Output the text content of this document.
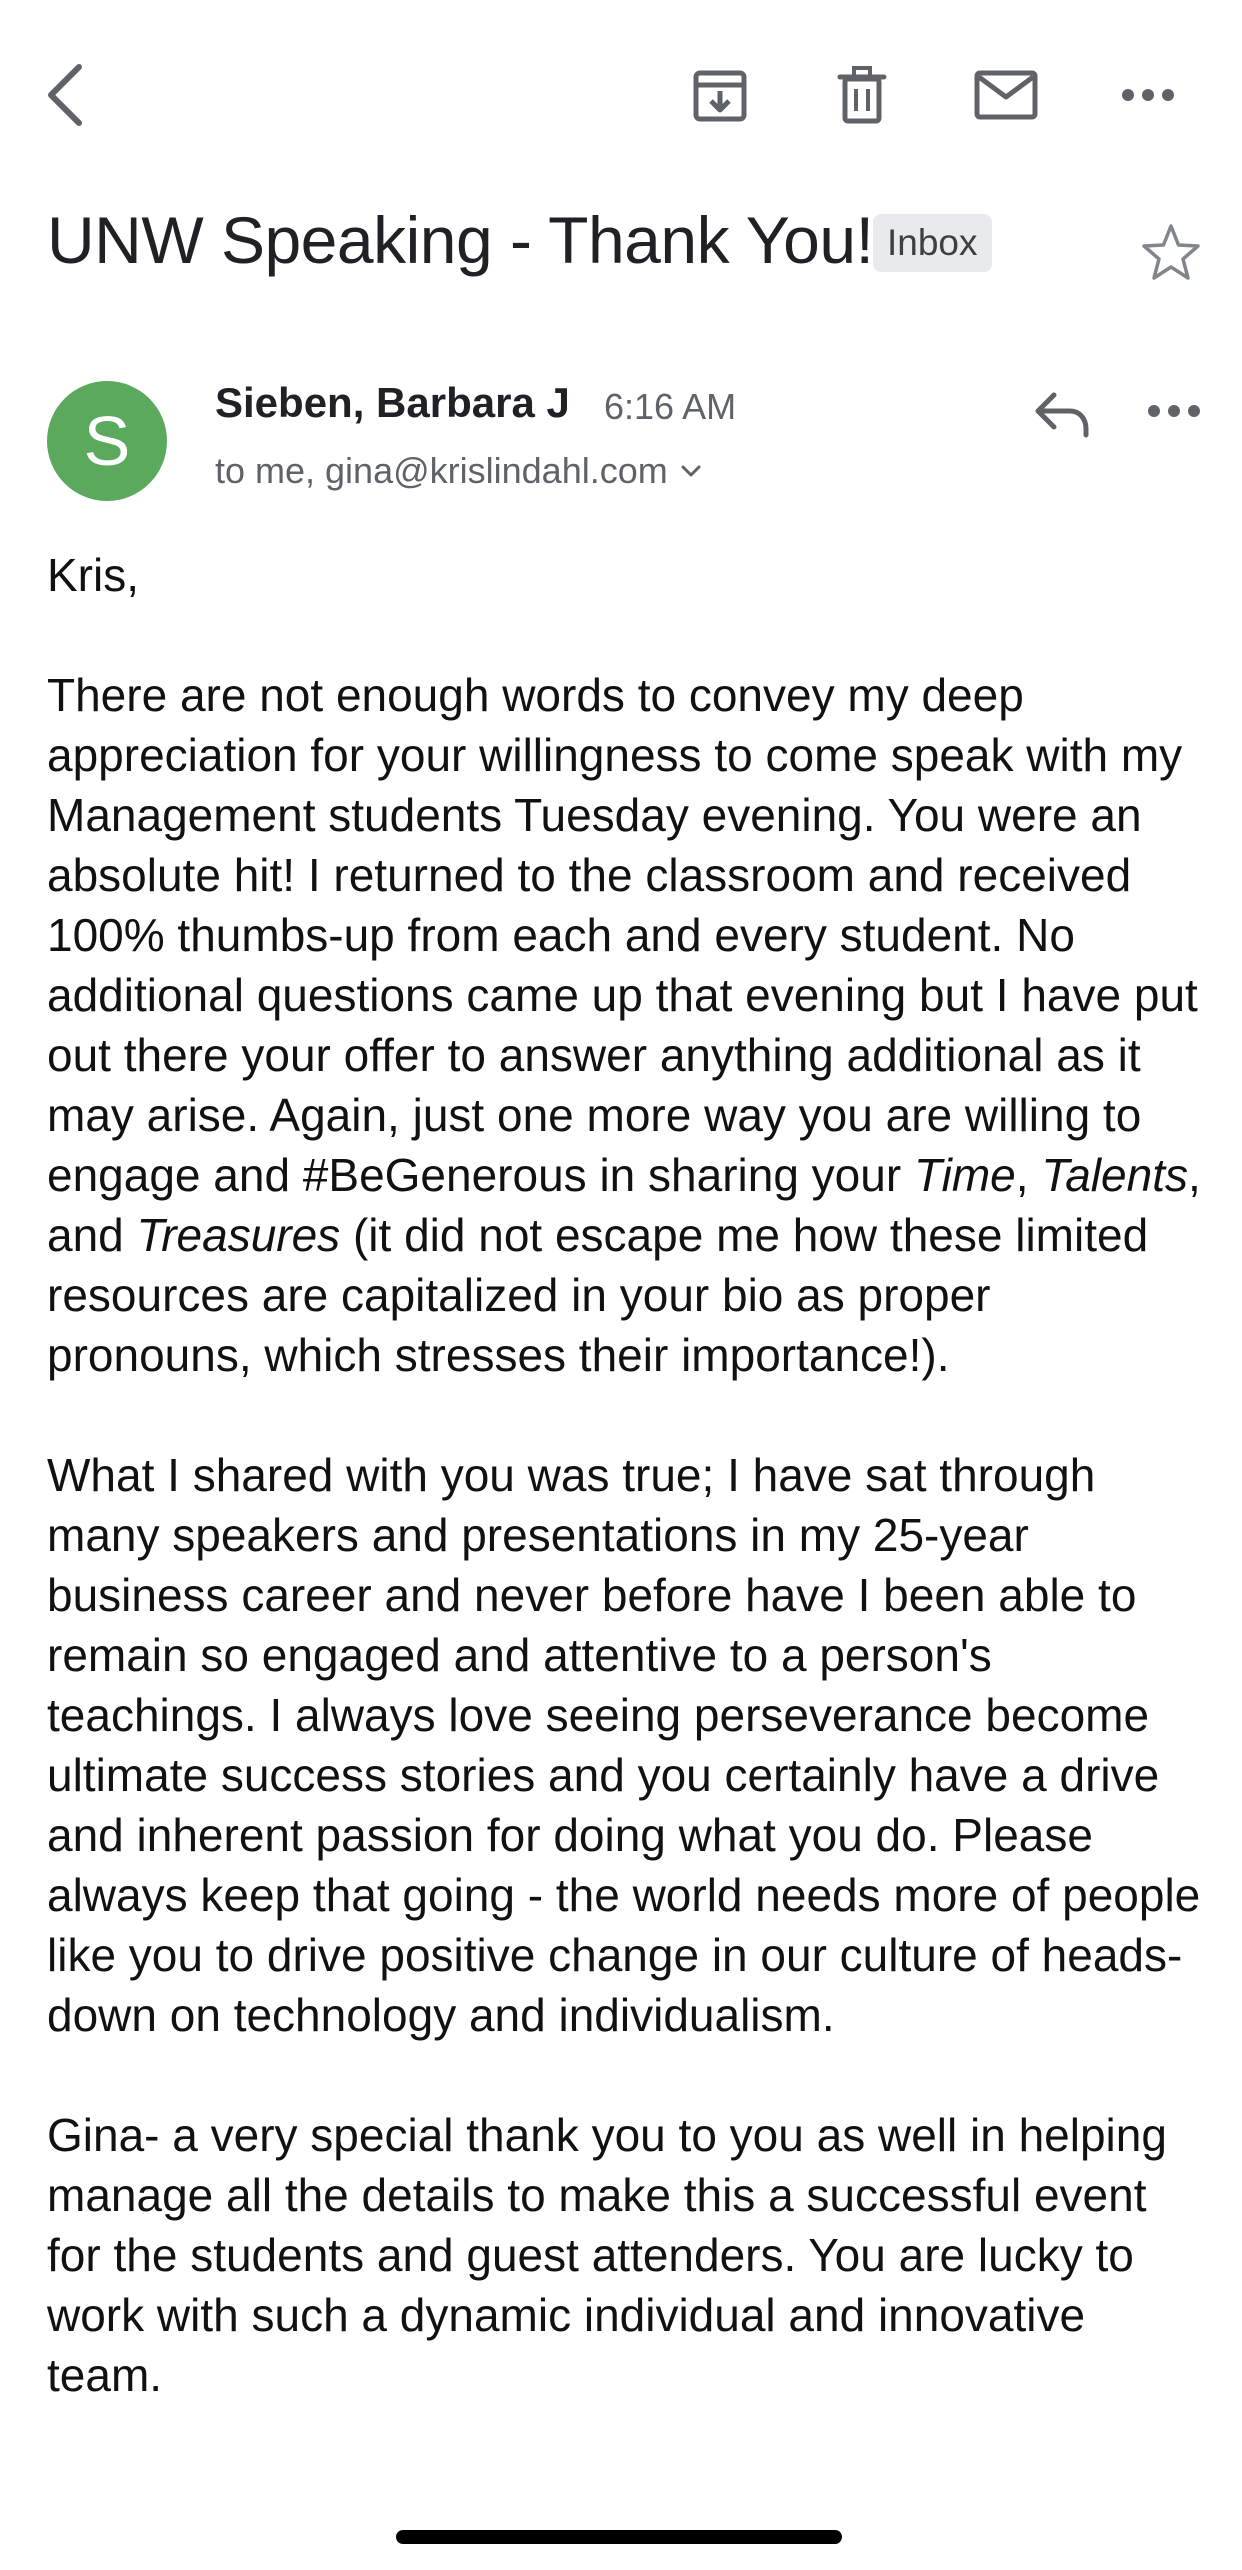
UNW Speaking - Thank You! Inbox
S	Sieben, Barbara J 6:16 AM
to me, gina@krislindahl.com

Kris,

There are not enough words to convey my deep appreciation for your willingness to come speak with my Management students Tuesday evening. You were an absolute hit! I returned to the classroom and received 100% thumbs-up from each and every student. No additional questions came up that evening but I have put out there your offer to answer anything additional as it may arise. Again, just one more way you are willing to engage and #BeGenerous in sharing your Time, Talents, and Treasures (it did not escape me how these limited resources are capitalized in your bio as proper pronouns, which stresses their importance!).

What I shared with you was true; I have sat through many speakers and presentations in my 25-year business career and never before have I been able to remain so engaged and attentive to a person's teachings. I always love seeing perseverance become ultimate success stories and you certainly have a drive and inherent passion for doing what you do. Please always keep that going - the world needs more of people like you to drive positive change in our culture of heads-down on technology and individualism.

Gina- a very special thank you to you as well in helping manage all the details to make this a successful event for the students and guest attenders. You are lucky to work with such a dynamic individual and innovative team.
